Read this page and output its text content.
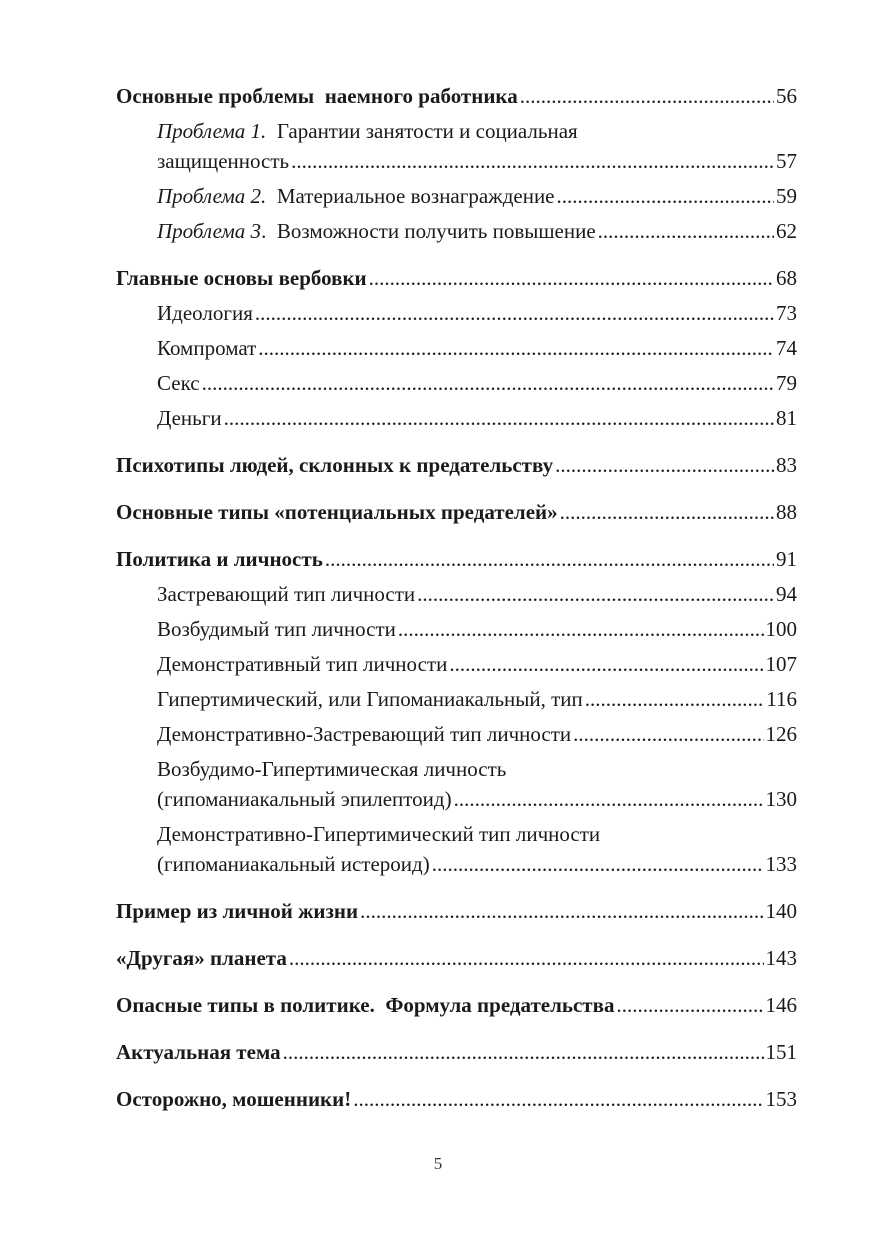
Основные проблемы  наемного работника .....	56
Проблема 1.  Гарантии занятости и социальная
защищенность .....	57
Проблема 2.  Материальное вознаграждение .....	59
Проблема 3.  Возможности получить повышение .....	62
Главные основы вербовки .....	68
Идеология .....	73
Компромат .....	74
Секс .....	79
Деньги .....	81
Психотипы людей, склонных к предательству .....	83
Основные типы «потенциальных предателей» .....	88
Политика и личность .....	91
Застревающий тип личности .....	94
Возбудимый тип личности .....	100
Демонстративный тип личности .....	107
Гипертимический, или Гипоманиакальный, тип .....	116
Демонстративно-Застревающий тип личности .....	126
Возбудимо-Гипертимическая личность
(гипоманиакальный эпилептоид) .....	130
Демонстративно-Гипертимический тип личности
(гипоманиакальный истероид) .....	133
Пример из личной жизни .....	140
«Другая» планета .....	143
Опасные типы в политике.  Формула предательства .....	146
Актуальная тема .....	151
Осторожно, мошенники! .....	153
5
